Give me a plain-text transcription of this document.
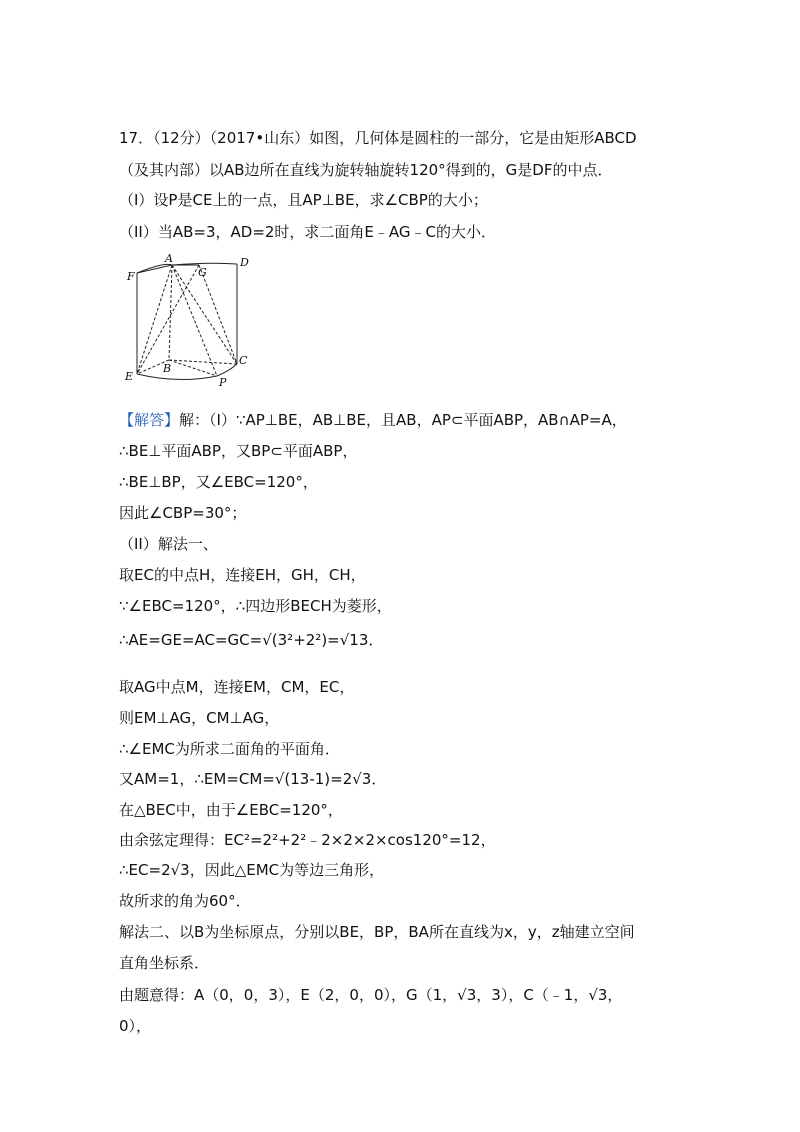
17．（12分）（2017•山东）如图，几何体是圆柱的一部分，它是由矩形ABCD
（及其内部）以AB边所在直线为旋转轴旋转120°得到的，G是DF的中点．
（I）设P是CE上的一点，且AP⊥BE，求∠CBP的大小；
（II）当AB=3，AD=2时，求二面角E﹣AG﹣C的大小．
A	D
F	G
B
C
E	P
【解答】解：（I）∵AP⊥BE，AB⊥BE，且AB，AP⊂平面ABP，AB∩AP=A，
∴BE⊥平面ABP，又BP⊂平面ABP，
∴BE⊥BP，又∠EBC=120°，
因此∠CBP=30°；
（II）解法一、
取EC的中点H，连接EH，GH，CH，
∵∠EBC=120°，∴四边形BECH为菱形，
∴AE=GE=AC=GC=√(3²+2²)=√13．
取AG中点M，连接EM，CM，EC，
则EM⊥AG，CM⊥AG，
∴∠EMC为所求二面角的平面角．
又AM=1，∴EM=CM=√(13-1)=2√3．
在△BEC中，由于∠EBC=120°，
由余弦定理得：EC²=2²+2²﹣2×2×2×cos120°=12，
∴EC=2√3，因此△EMC为等边三角形，
故所求的角为60°．
解法二、以B为坐标原点，分别以BE，BP，BA所在直线为x，y，z轴建立空间
直角坐标系．
由题意得：A（0，0，3），E（2，0，0），G（1，√3，3），C（﹣1，√3，
0），
